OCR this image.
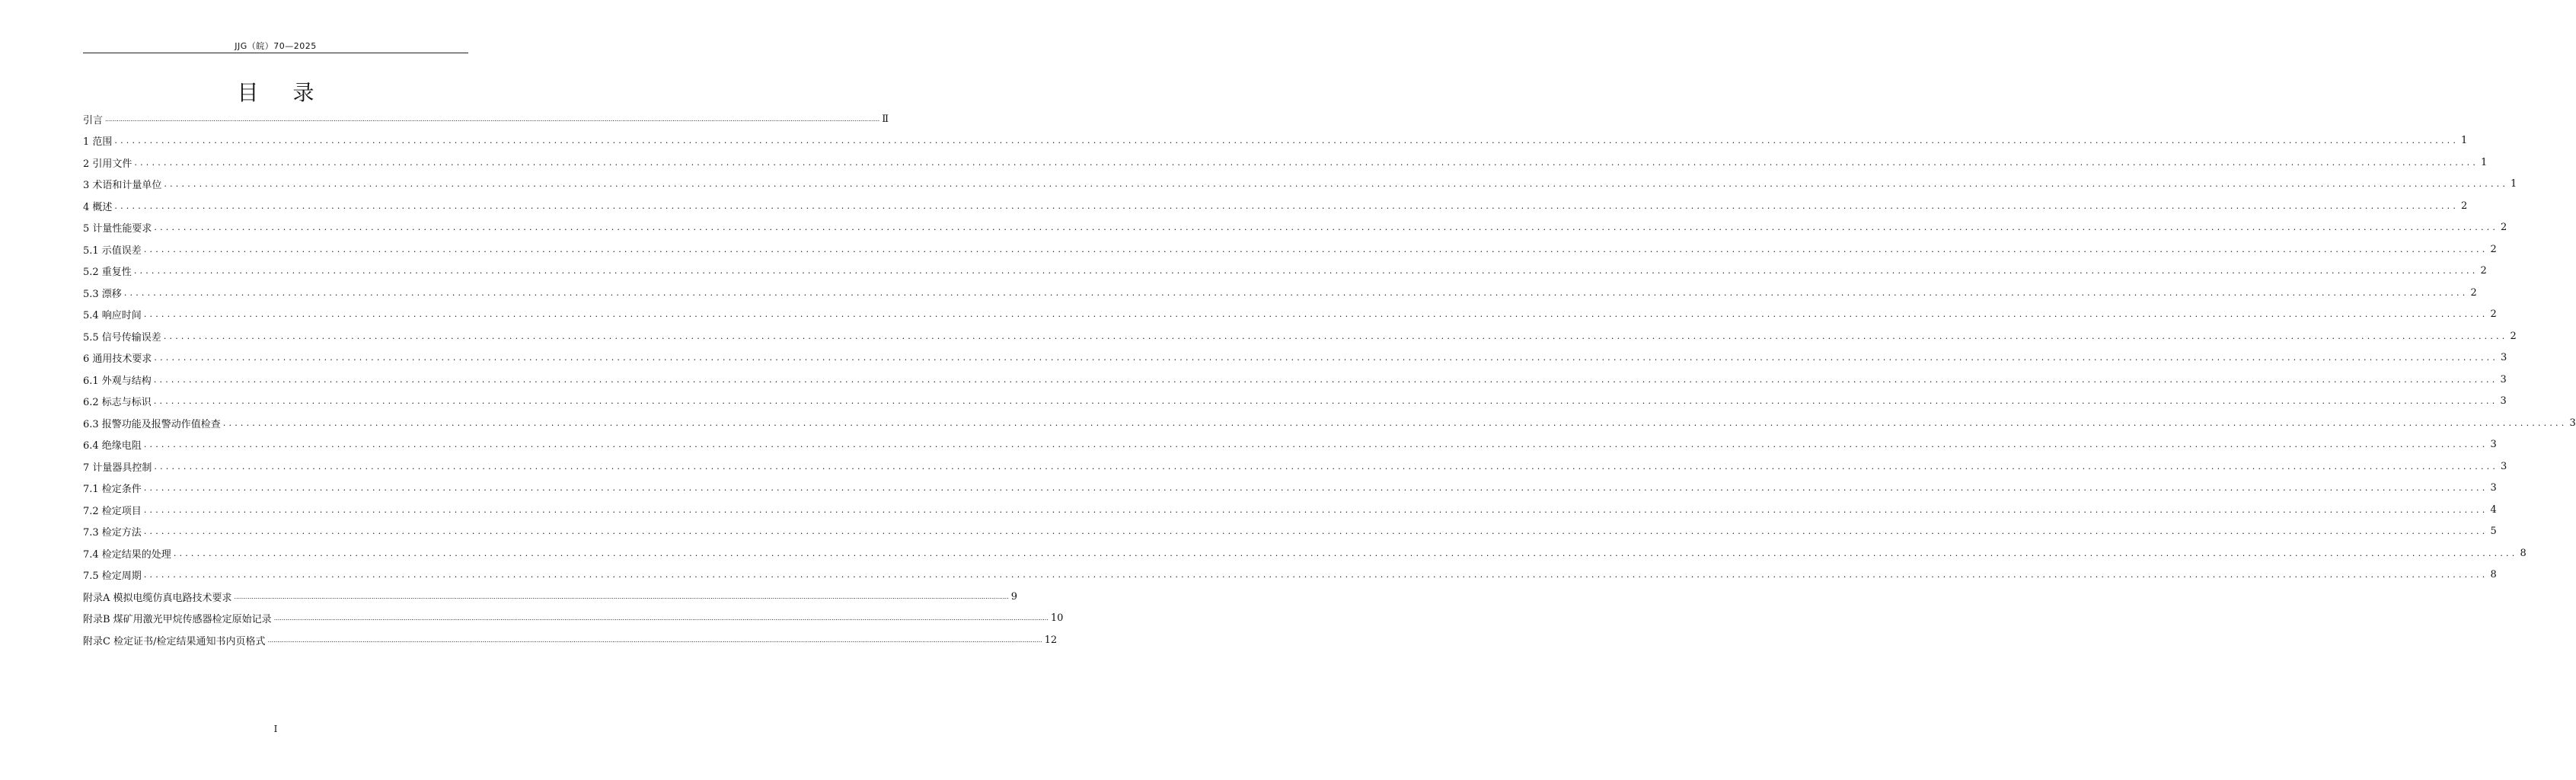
JJG（皖）70—2025
目 录
引言 ................................................................................................................................................................................................................................................................................................................................................................................................................ Ⅱ
1 范围 ................................................................................................................................................................................................................................................................................................................................................................................................................ 1
2 引用文件 ................................................................................................................................................................................................................................................................................................................................................................................................................ 1
3 术语和计量单位 ................................................................................................................................................................................................................................................................................................................................................................................................................ 1
4 概述 ................................................................................................................................................................................................................................................................................................................................................................................................................ 2
5 计量性能要求 ................................................................................................................................................................................................................................................................................................................................................................................................................ 2
5.1 示值误差 ................................................................................................................................................................................................................................................................................................................................................................................................................ 2
5.2 重复性 ................................................................................................................................................................................................................................................................................................................................................................................................................ 2
5.3 漂移 ................................................................................................................................................................................................................................................................................................................................................................................................................ 2
5.4 响应时间 ................................................................................................................................................................................................................................................................................................................................................................................................................ 2
5.5 信号传输误差 ................................................................................................................................................................................................................................................................................................................................................................................................................ 2
6 通用技术要求 ................................................................................................................................................................................................................................................................................................................................................................................................................ 3
6.1 外观与结构 ................................................................................................................................................................................................................................................................................................................................................................................................................ 3
6.2 标志与标识 ................................................................................................................................................................................................................................................................................................................................................................................................................ 3
6.3 报警功能及报警动作值检查 ................................................................................................................................................................................................................................................................................................................................................................................................................ 3
6.4 绝缘电阻 ................................................................................................................................................................................................................................................................................................................................................................................................................ 3
7 计量器具控制 ................................................................................................................................................................................................................................................................................................................................................................................................................ 3
7.1 检定条件 ................................................................................................................................................................................................................................................................................................................................................................................................................ 3
7.2 检定项目 ................................................................................................................................................................................................................................................................................................................................................................................................................ 4
7.3 检定方法 ................................................................................................................................................................................................................................................................................................................................................................................................................ 5
7.4 检定结果的处理 ................................................................................................................................................................................................................................................................................................................................................................................................................ 8
7.5 检定周期 ................................................................................................................................................................................................................................................................................................................................................................................................................ 8
附录A 模拟电缆仿真电路技术要求 ................................................................................................................................................................................................................................................................................................................................................................................................................ 9
附录B 煤矿用激光甲烷传感器检定原始记录 ................................................................................................................................................................................................................................................................................................................................................................................................................ 10
附录C 检定证书/检定结果通知书内页格式 ................................................................................................................................................................................................................................................................................................................................................................................................................ 12
I
